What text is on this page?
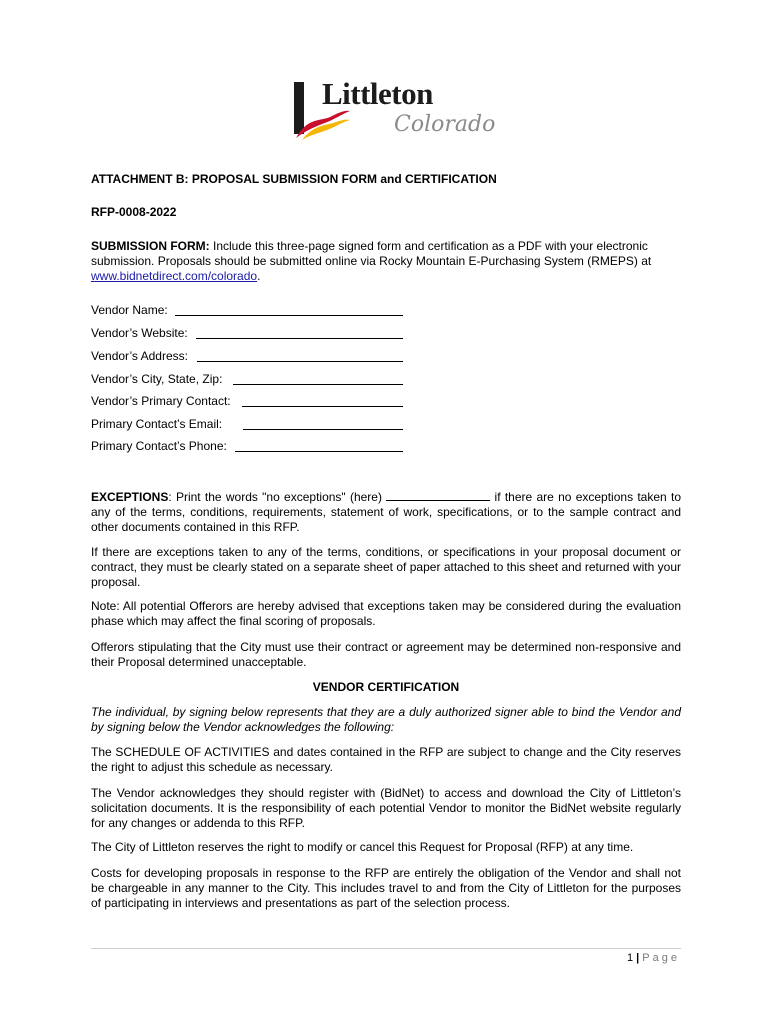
Littleton
Colorado
ATTACHMENT B: PROPOSAL SUBMISSION FORM and CERTIFICATION
RFP-0008-2022
SUBMISSION FORM: Include this three-page signed form and certification as a PDF with your electronic submission. Proposals should be submitted online via Rocky Mountain E-Purchasing System (RMEPS) at www.bidnetdirect.com/colorado.
Vendor Name:
Vendor’s Website:
Vendor’s Address:
Vendor’s City, State, Zip:
Vendor’s Primary Contact:
Primary Contact’s Email:
Primary Contact’s Phone:
EXCEPTIONS: Print the words "no exceptions" (here)	if there are no exceptions taken to any of the terms, conditions, requirements, statement of work, specifications, or to the sample contract and other documents contained in this RFP.
If there are exceptions taken to any of the terms, conditions, or specifications in your proposal document or contract, they must be clearly stated on a separate sheet of paper attached to this sheet and returned with your proposal.
Note: All potential Offerors are hereby advised that exceptions taken may be considered during the evaluation phase which may affect the final scoring of proposals.
Offerors stipulating that the City must use their contract or agreement may be determined non-responsive and their Proposal determined unacceptable.
VENDOR CERTIFICATION
The individual, by signing below represents that they are a duly authorized signer able to bind the Vendor and by signing below the Vendor acknowledges the following:
The SCHEDULE OF ACTIVITIES and dates contained in the RFP are subject to change and the City reserves the right to adjust this schedule as necessary.
The Vendor acknowledges they should register with (BidNet) to access and download the City of Littleton’s solicitation documents. It is the responsibility of each potential Vendor to monitor the BidNet website regularly for any changes or addenda to this RFP.
The City of Littleton reserves the right to modify or cancel this Request for Proposal (RFP) at any time.
Costs for developing proposals in response to the RFP are entirely the obligation of the Vendor and shall not be chargeable in any manner to the City. This includes travel to and from the City of Littleton for the purposes of participating in interviews and presentations as part of the selection process.
1 | Page
